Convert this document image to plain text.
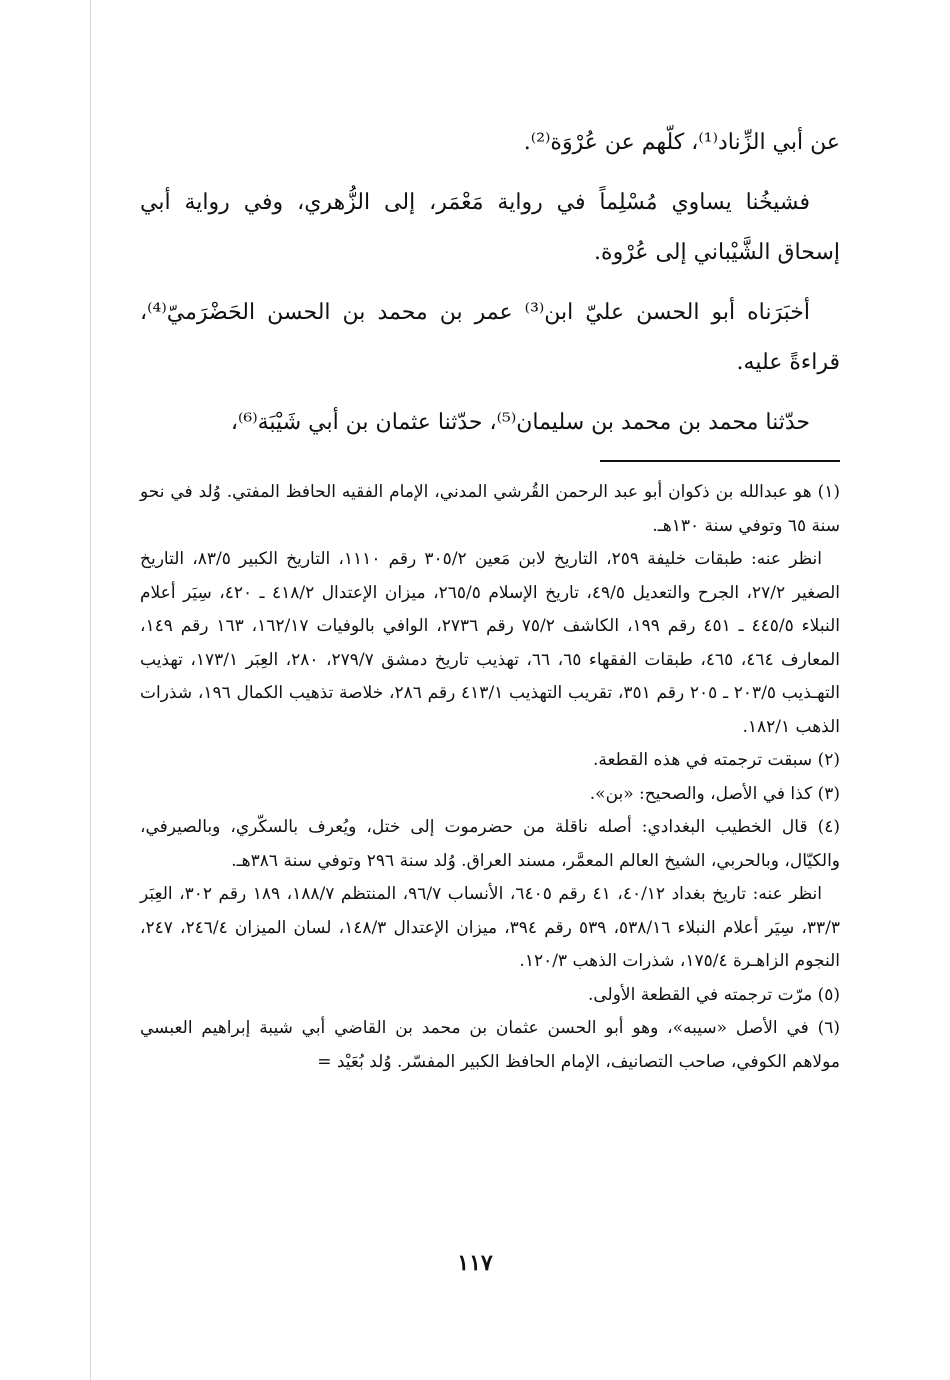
عن أبي الزِّناد⁽¹⁾، كلّهم عن عُرْوَة⁽²⁾.

فشيخُنا يساوي مُسْلِماً في رواية مَعْمَر، إلى الزُّهري، وفي رواية أبي إسحاق الشَّيْباني إلى عُرْوة.

أخبَرَناه أبو الحسن عليّ ابن⁽³⁾ عمر بن محمد بن الحسن الحَضْرَميّ⁽⁴⁾، قراءةً عليه.

حدّثنا محمد بن محمد بن سليمان⁽⁵⁾، حدّثنا عثمان بن أبي شَيْبَة⁽⁶⁾،

(١) هو عبدالله بن ذكوان أبو عبد الرحمن القُرشي المدني، الإمام الفقيه الحافظ المفتي. وُلد في نحو سنة ٦٥ وتوفي سنة ١٣٠هـ.

انظر عنه: طبقات خليفة ٢٥٩، التاريخ لابن مَعين ٣٠٥/٢ رقم ١١١٠، التاريخ الكبير ٨٣/٥، التاريخ الصغير ٢٧/٢، الجرح والتعديل ٤٩/٥، تاريخ الإسلام ٢٦٥/٥، ميزان الإعتدال ٤١٨/٢ ـ ٤٢٠، سِيَر أعلام النبلاء ٤٤٥/٥ ـ ٤٥١ رقم ١٩٩، الكاشف ٧٥/٢ رقم ٢٧٣٦، الوافي بالوفيات ١٦٢/١٧، ١٦٣ رقم ١٤٩، المعارف ٤٦٤، ٤٦٥، طبقات الفقهاء ٦٥، ٦٦، تهذيب تاريخ دمشق ٢٧٩/٧، ٢٨٠، العِبَر ١٧٣/١، تهذيب التهـذيب ٢٠٣/٥ ـ ٢٠٥ رقم ٣٥١، تقريب التهذيب ٤١٣/١ رقم ٢٨٦، خلاصة تذهيب الكمال ١٩٦، شذرات الذهب ١٨٢/١.

(٢) سبقت ترجمته في هذه القطعة.

(٣) كذا في الأصل، والصحيح: «بن».

(٤) قال الخطيب البغدادي: أصله ناقلة من حضرموت إلى ختل، ويُعرف بالسكّري، وبالصيرفي، والكيّال، وبالحربي، الشيخ العالم المعمَّر، مسند العراق. وُلد سنة ٢٩٦ وتوفي سنة ٣٨٦هـ.

انظر عنه: تاريخ بغداد ٤٠/١٢، ٤١ رقم ٦٤٠٥، الأنساب ٩٦/٧، المنتظم ١٨٨/٧، ١٨٩ رقم ٣٠٢، العِبَر ٣٣/٣، سِيَر أعلام النبلاء ٥٣٨/١٦، ٥٣٩ رقم ٣٩٤، ميزان الإعتدال ١٤٨/٣، لسان الميزان ٢٤٦/٤، ٢٤٧، النجوم الزاهـرة ١٧٥/٤، شذرات الذهب ١٢٠/٣.

(٥) مرّت ترجمته في القطعة الأولى.

(٦) في الأصل «سيبه»، وهو أبو الحسن عثمان بن محمد بن القاضي أبي شيبة إبراهيم العبسي مولاهم الكوفي، صاحب التصانيف، الإمام الحافظ الكبير المفسّر. وُلد بُعَيْد =

١١٧
